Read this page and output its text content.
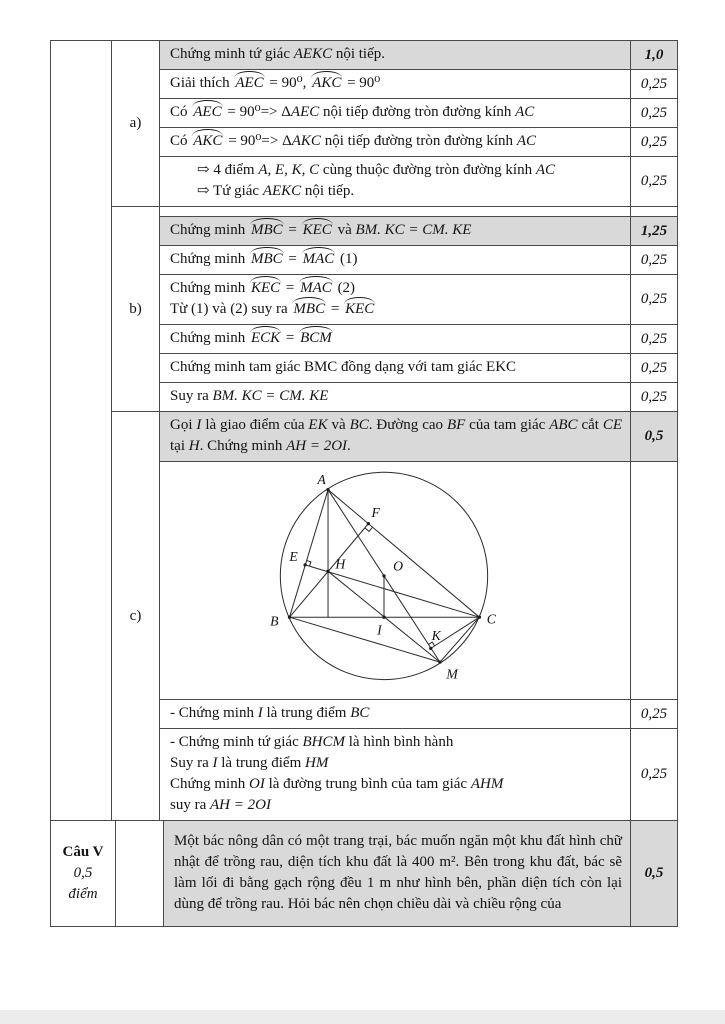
a)
Chứng minh tứ giác AEKC nội tiếp.	1,0
Giải thích AEC = 90⁰, AKC = 90⁰	0,25
Có AEC = 90⁰=> ΔAEC nội tiếp đường tròn đường kính AC	0,25
Có AKC = 90⁰=> ΔAKC nội tiếp đường tròn đường kính AC	0,25
⇨ 4 điểm A, E, K, C cùng thuộc đường tròn đường kính AC
⇨ Tứ giác AEKC nội tiếp.
0,25
b)
Chứng minh MBC = KEC và BM. KC = CM. KE	1,25
Chứng minh MBC = MAC (1)	0,25
Chứng minh KEC = MAC (2)
Từ (1) và (2) suy ra MBC = KEC
0,25
Chứng minh ECK = BCM	0,25
Chứng minh tam giác BMC đồng dạng với tam giác EKC	0,25
Suy ra BM. KC = CM. KE	0,25
c)
Gọi I là giao điểm của EK và BC. Đường cao BF của tam giác ABC cắt CE tại H. Chứng minh AH = 2OI.
0,5
A
F
E	H	O
B
I	K
C
M
- Chứng minh I là trung điểm BC	0,25
- Chứng minh tứ giác BHCM là hình bình hành
Suy ra I là trung điểm HM
Chứng minh OI là đường trung bình của tam giác AHM
suy ra AH = 2OI
0,25
Câu V
0,5
điểm
Một bác nông dân có một trang trại, bác muốn ngăn một khu đất hình chữ nhật để trồng rau, diện tích khu đất là 400 m². Bên trong khu đất, bác sẽ làm lối đi bằng gạch rộng đều 1 m như hình bên, phần diện tích còn lại dùng để trồng rau. Hỏi bác nên chọn chiều dài và chiều rộng của
0,5
